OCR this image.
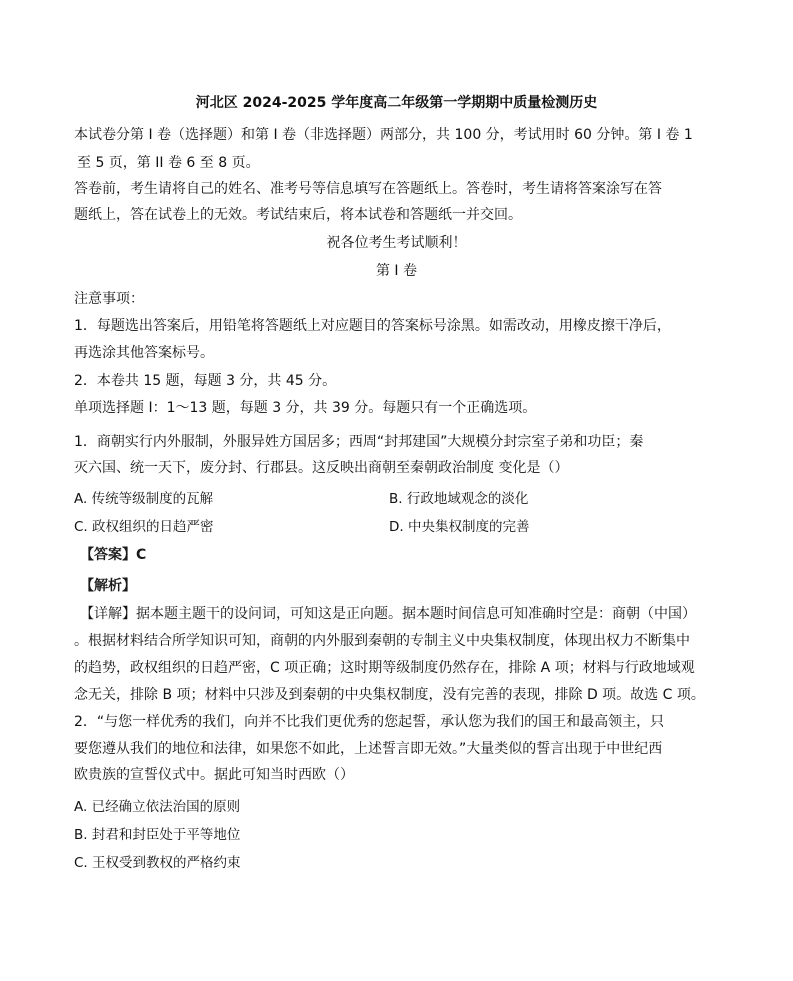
河北区 2024-2025 学年度高二年级第一学期期中质量检测历史
本试卷分第 I 卷（选择题）和第 I 卷（非选择题）两部分，共 100 分，考试用时 60 分钟。第 I 卷 1
至 5 页，第 II 卷 6 至 8 页。
答卷前，考生请将自己的姓名、准考号等信息填写在答题纸上。答卷时，考生请将答案涂写在答
题纸上，答在试卷上的无效。考试结束后，将本试卷和答题纸一并交回。
祝各位考生考试顺利！
第 I 卷
注意事项：
1．每题选出答案后，用铅笔将答题纸上对应题目的答案标号涂黑。如需改动，用橡皮擦干净后，
再选涂其他答案标号。
2．本卷共 15 题，每题 3 分，共 45 分。
单项选择题 I：1～13 题，每题 3 分，共 39 分。每题只有一个正确选项。
1．商朝实行内外服制，外服异姓方国居多；西周“封邦建国”大规模分封宗室子弟和功臣；秦
灭六国、统一天下，废分封、行郡县。这反映出商朝至秦朝政治制度 变化是（）
A. 传统等级制度的瓦解	B. 行政地域观念的淡化
C. 政权组织的日趋严密	D. 中央集权制度的完善
【答案】C
【解析】
【详解】据本题主题干的设问词，可知这是正向题。据本题时间信息可知准确时空是：商朝（中国）
。根据材料结合所学知识可知，商朝的内外服到秦朝的专制主义中央集权制度，体现出权力不断集中
的趋势，政权组织的日趋严密，C 项正确；这时期等级制度仍然存在，排除 A 项；材料与行政地域观
念无关，排除 B 项；材料中只涉及到秦朝的中央集权制度，没有完善的表现，排除 D 项。故选 C 项。
2．“与您一样优秀的我们，向并不比我们更优秀的您起誓，承认您为我们的国王和最高领主，只
要您遵从我们的地位和法律，如果您不如此，上述誓言即无效。”大量类似的誓言出现于中世纪西
欧贵族的宣誓仪式中。据此可知当时西欧（）
A. 已经确立依法治国的原则
B. 封君和封臣处于平等地位
C. 王权受到教权的严格约束
